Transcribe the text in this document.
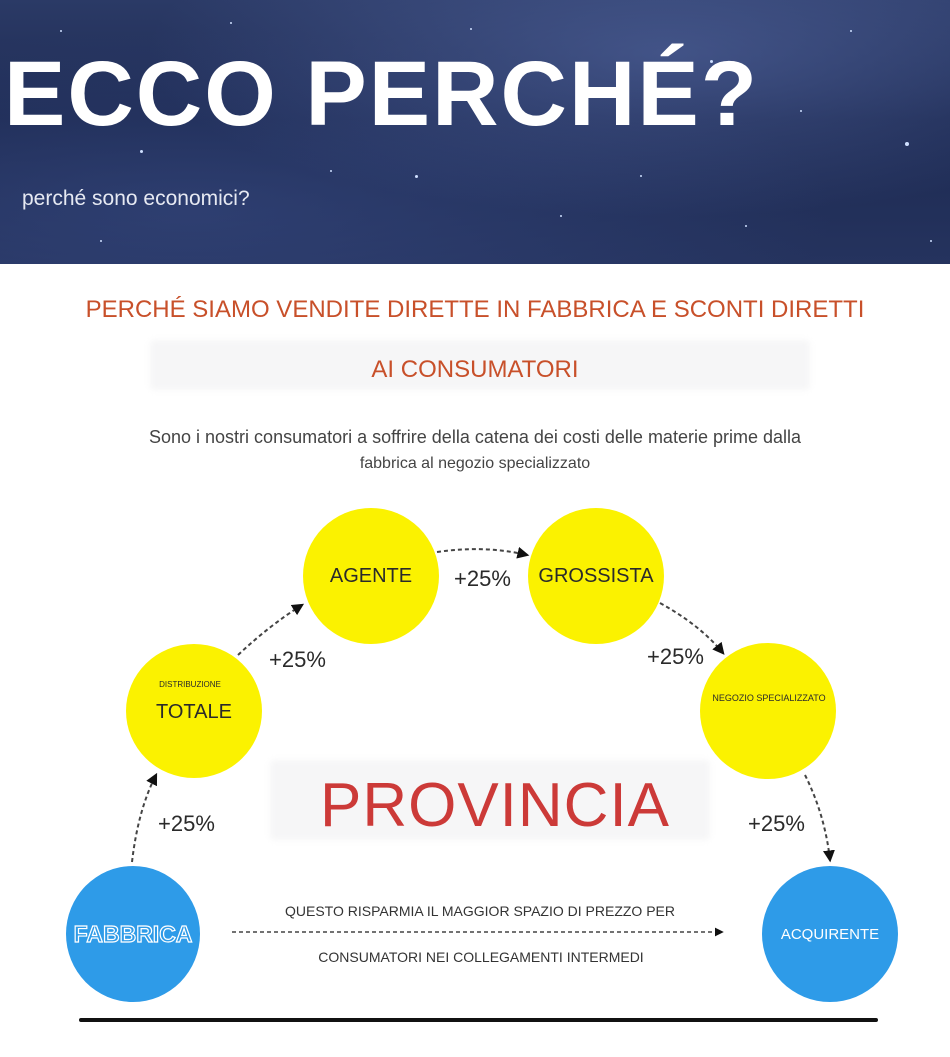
ECCO PERCHÉ?
perché sono economici?
PERCHÉ SIAMO VENDITE DIRETTE IN FABBRICA E SCONTI DIRETTI
AI CONSUMATORI
Sono i nostri consumatori a soffrire della catena dei costi delle materie prime dalla
fabbrica al negozio specializzato
TOTALE
DISTRIBUZIONE
AGENTE	GROSSISTA
NEGOZIO SPECIALIZZATO
FABBRICA	ACQUIRENTE
+25%
+25%
+25%
+25%
+25%
PROVINCIA
QUESTO RISPARMIA IL MAGGIOR SPAZIO DI PREZZO PER
CONSUMATORI NEI COLLEGAMENTI INTERMEDI
